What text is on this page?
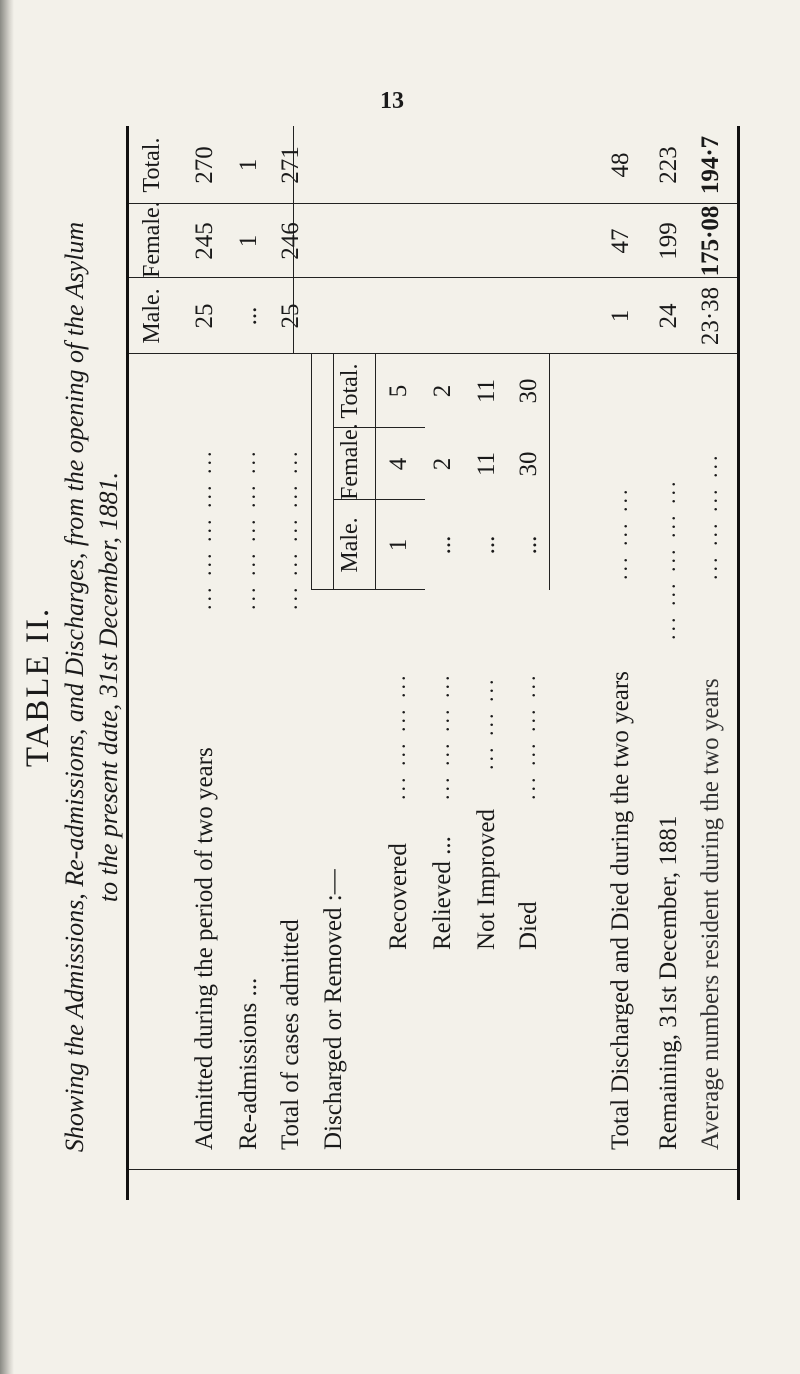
13
TABLE II. Showing the Admissions, Re-admissions, and Discharges, from the opening of the Asylum to the present date, 31st December, 1881.
Male.
Female.
Total.
Admitted during the period of two years
... ... ... ... ...
25
245
270
Re-admissions ...
... ... ... ... ...
...
1
1
Total of cases admitted
... ... ... ... ...
25
246
271
Discharged or Removed :—
Male.
Female.
Total.
Recovered
... ... ... ...
1
4
5
Relieved ...
... ... ... ...
...
2
2
Not Improved
... ... ...
...
11
11
Died
... ... ... ...
...
30
30
Total Discharged and Died during the two years
... ... ...
1
47
48
Remaining, 31st December, 1881
... ... ... ... ...
24
199
223
Average numbers resident during the two years
... ... ... ...
23·38
175·08
194·7
